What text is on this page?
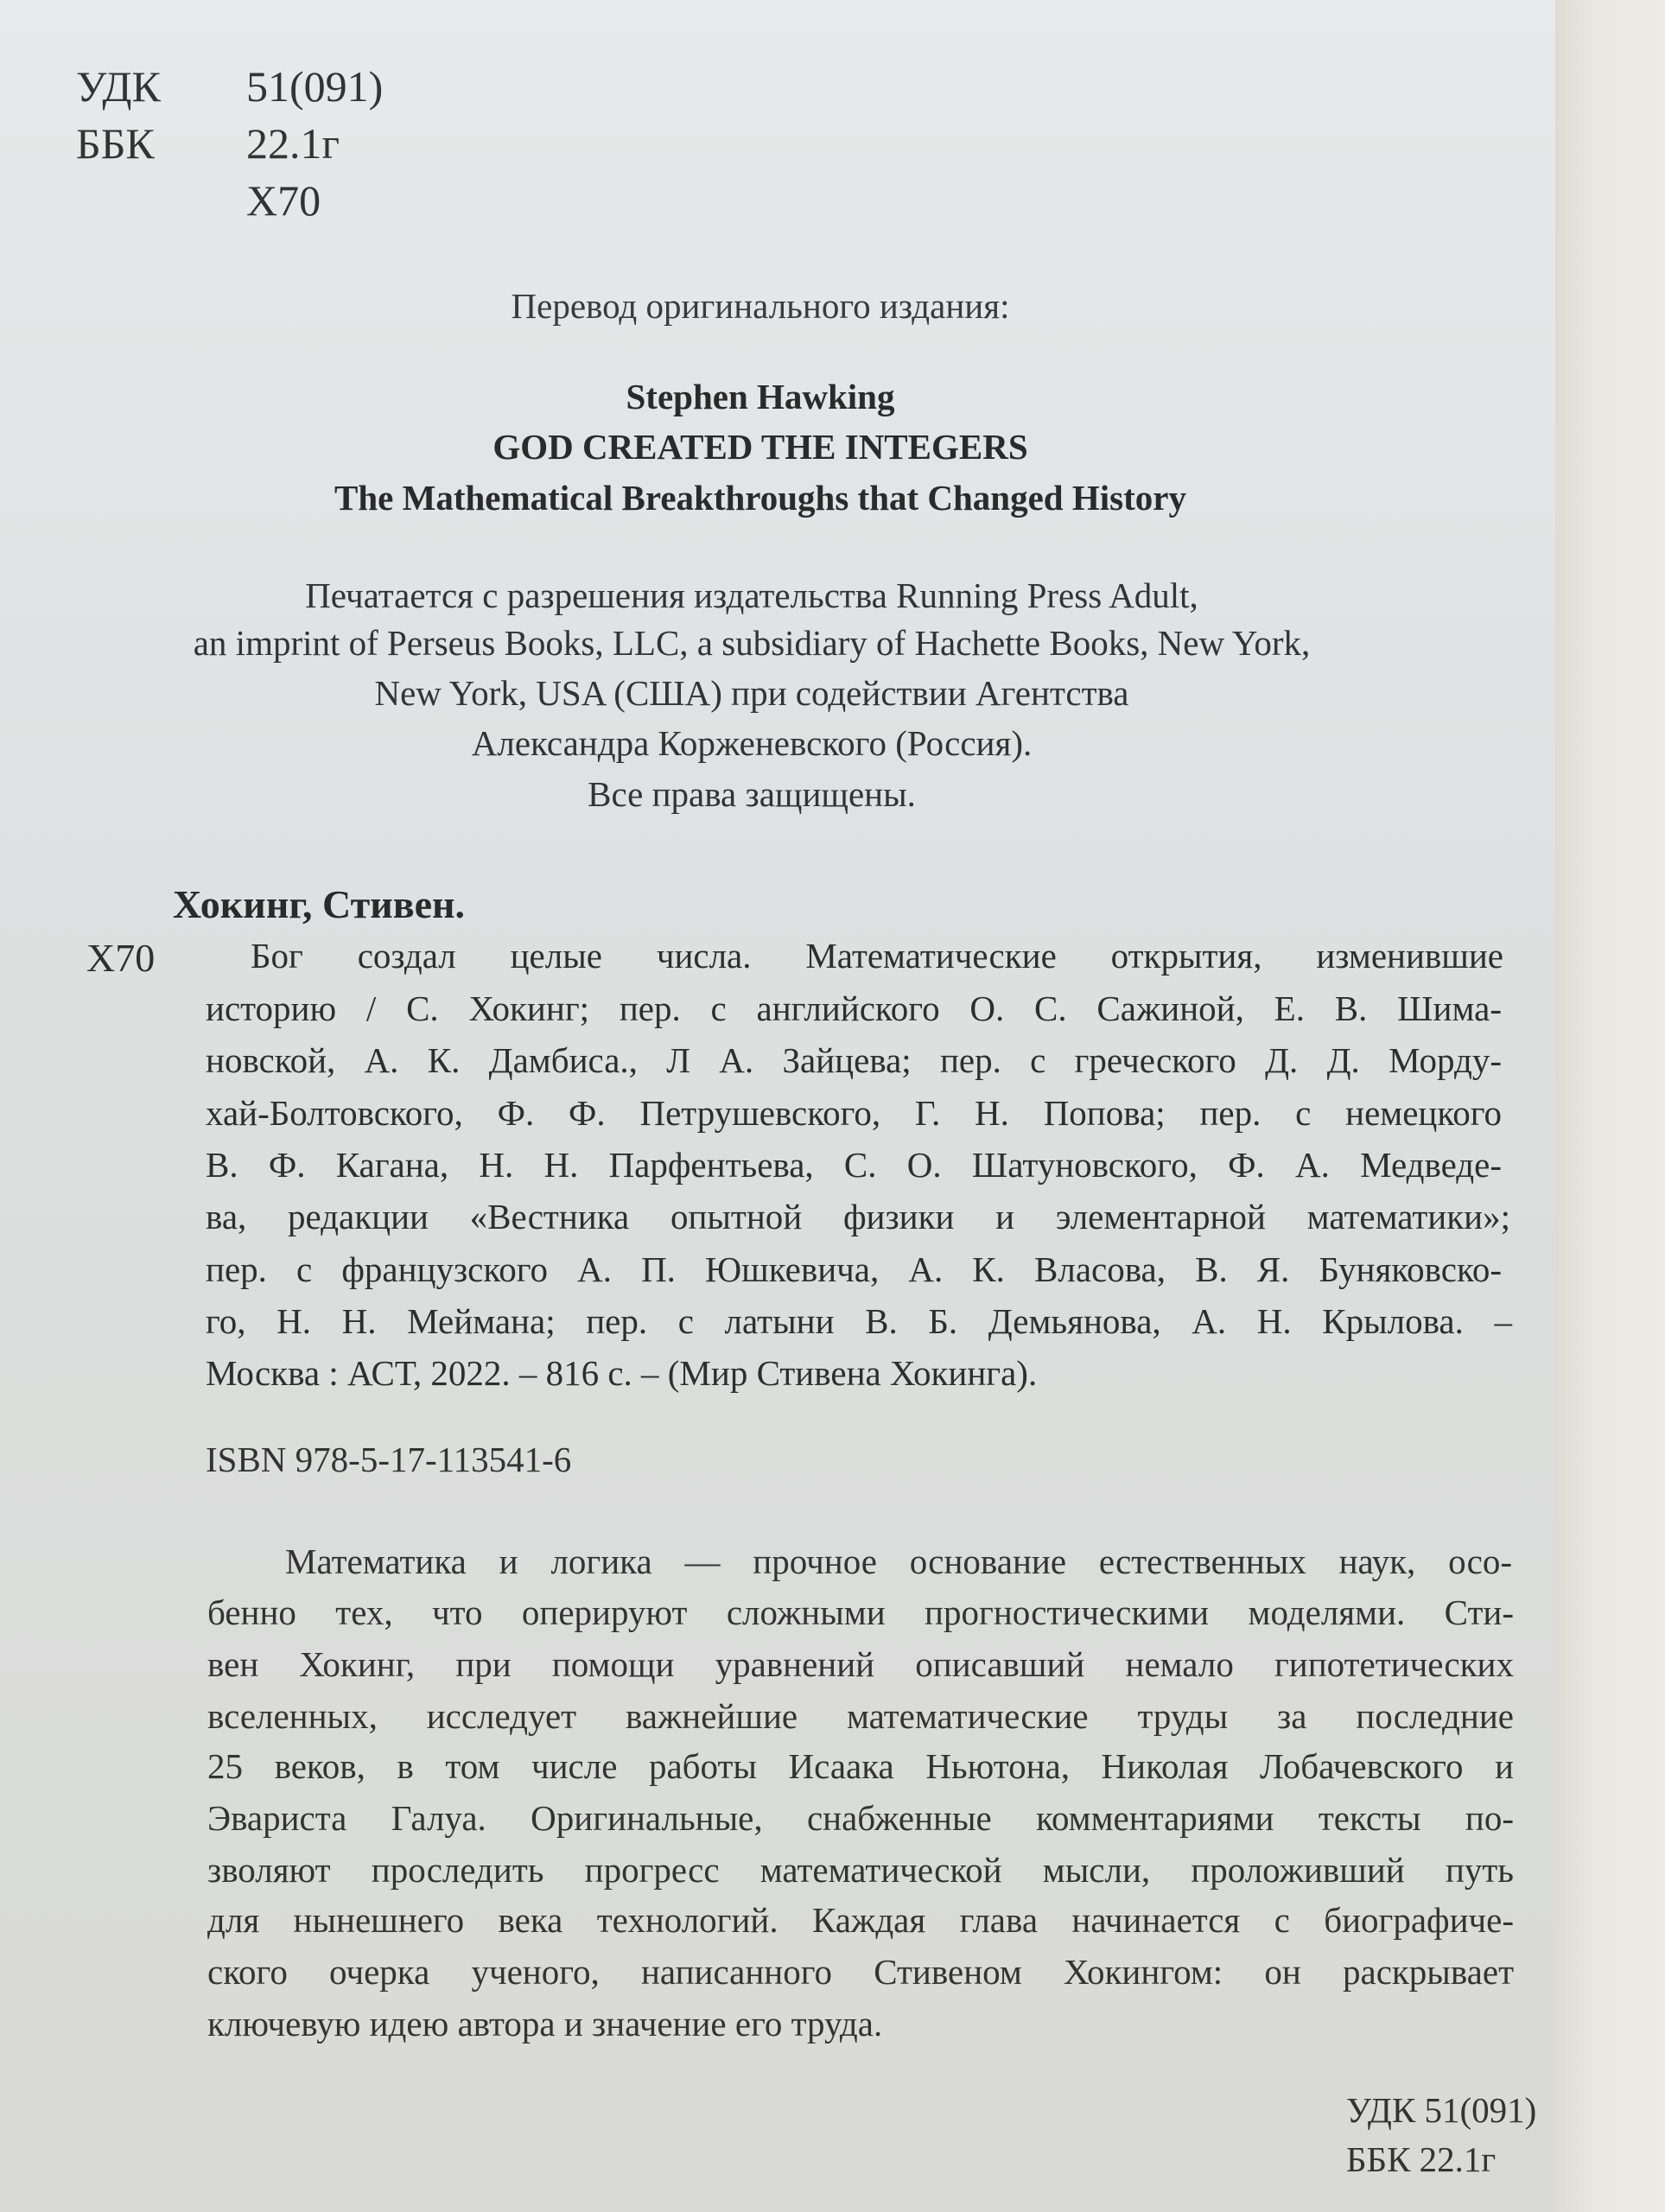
УДК 51(091)
ББК 22.1г
Х70
Перевод оригинального издания:
Stephen Hawking
GOD CREATED THE INTEGERS
The Mathematical Breakthroughs that Changed History
Печатается с разрешения издательства Running Press Adult,
an imprint of Perseus Books, LLC, a subsidiary of Hachette Books, New York,
New York, USA (США) при содействии Агентства
Александра Корженевского (Россия).
Все права защищены.
Хокинг, Стивен.
Х70	Бог создал целые числа. Математические открытия, изменившие
историю / С. Хокинг; пер. с английского О. С. Сажиной, Е. В. Шима-
новской, А. К. Дамбиса., Л А. Зайцева; пер. с греческого Д. Д. Морду-
хай-Болтовского, Ф. Ф. Петрушевского, Г. Н. Попова; пер. с немецкого
В. Ф. Кагана, Н. Н. Парфентьева, С. О. Шатуновского, Ф. А. Медведе-
ва, редакции «Вестника опытной физики и элементарной математики»;
пер. с французского А. П. Юшкевича, А. К. Власова, В. Я. Буняковско-
го, Н. Н. Меймана; пер. с латыни В. Б. Демьянова, А. Н. Крылова. –
Москва : АСТ, 2022. – 816 с. – (Мир Стивена Хокинга).
ISBN 978-5-17-113541-6
Математика и логика — прочное основание естественных наук, осо-
бенно тех, что оперируют сложными прогностическими моделями. Сти-
вен Хокинг, при помощи уравнений описавший немало гипотетических
вселенных, исследует важнейшие математические труды за последние
25 веков, в том числе работы Исаака Ньютона, Николая Лобачевского и
Эвариста Галуа. Оригинальные, снабженные комментариями тексты по-
зволяют проследить прогресс математической мысли, проложивший путь
для нынешнего века технологий. Каждая глава начинается с биографиче-
ского очерка ученого, написанного Стивеном Хокингом: он раскрывает
ключевую идею автора и значение его труда.
УДК 51(091)
ББК 22.1г
